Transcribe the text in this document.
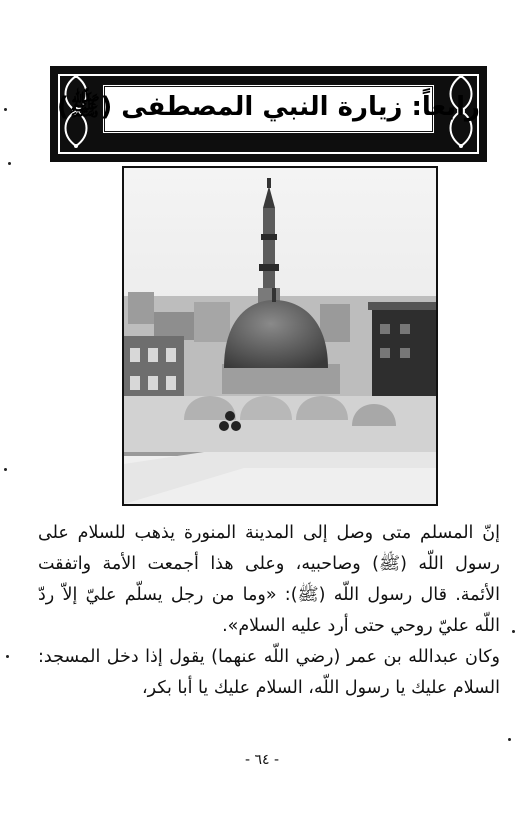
رابعاً: زيارة النبي المصطفى (ﷺ)

إنّ المسلم متى وصل إلى المدينة المنورة يذهب للسلام على رسول اللّه (ﷺ) وصاحبيه، وعلى هذا أجمعت الأمة واتفقت الأئمة. قال رسول اللّه (ﷺ): «وما من رجل يسلّم عليّ إلاّ ردّ اللّه عليّ روحي حتى أرد عليه السلام».

وكان عبدالله بن عمر (رضي اللّه عنهما) يقول إذا دخل المسجد: السلام عليك يا رسول اللّه، السلام عليك يا أبا بكر،

- ٦٤ -
